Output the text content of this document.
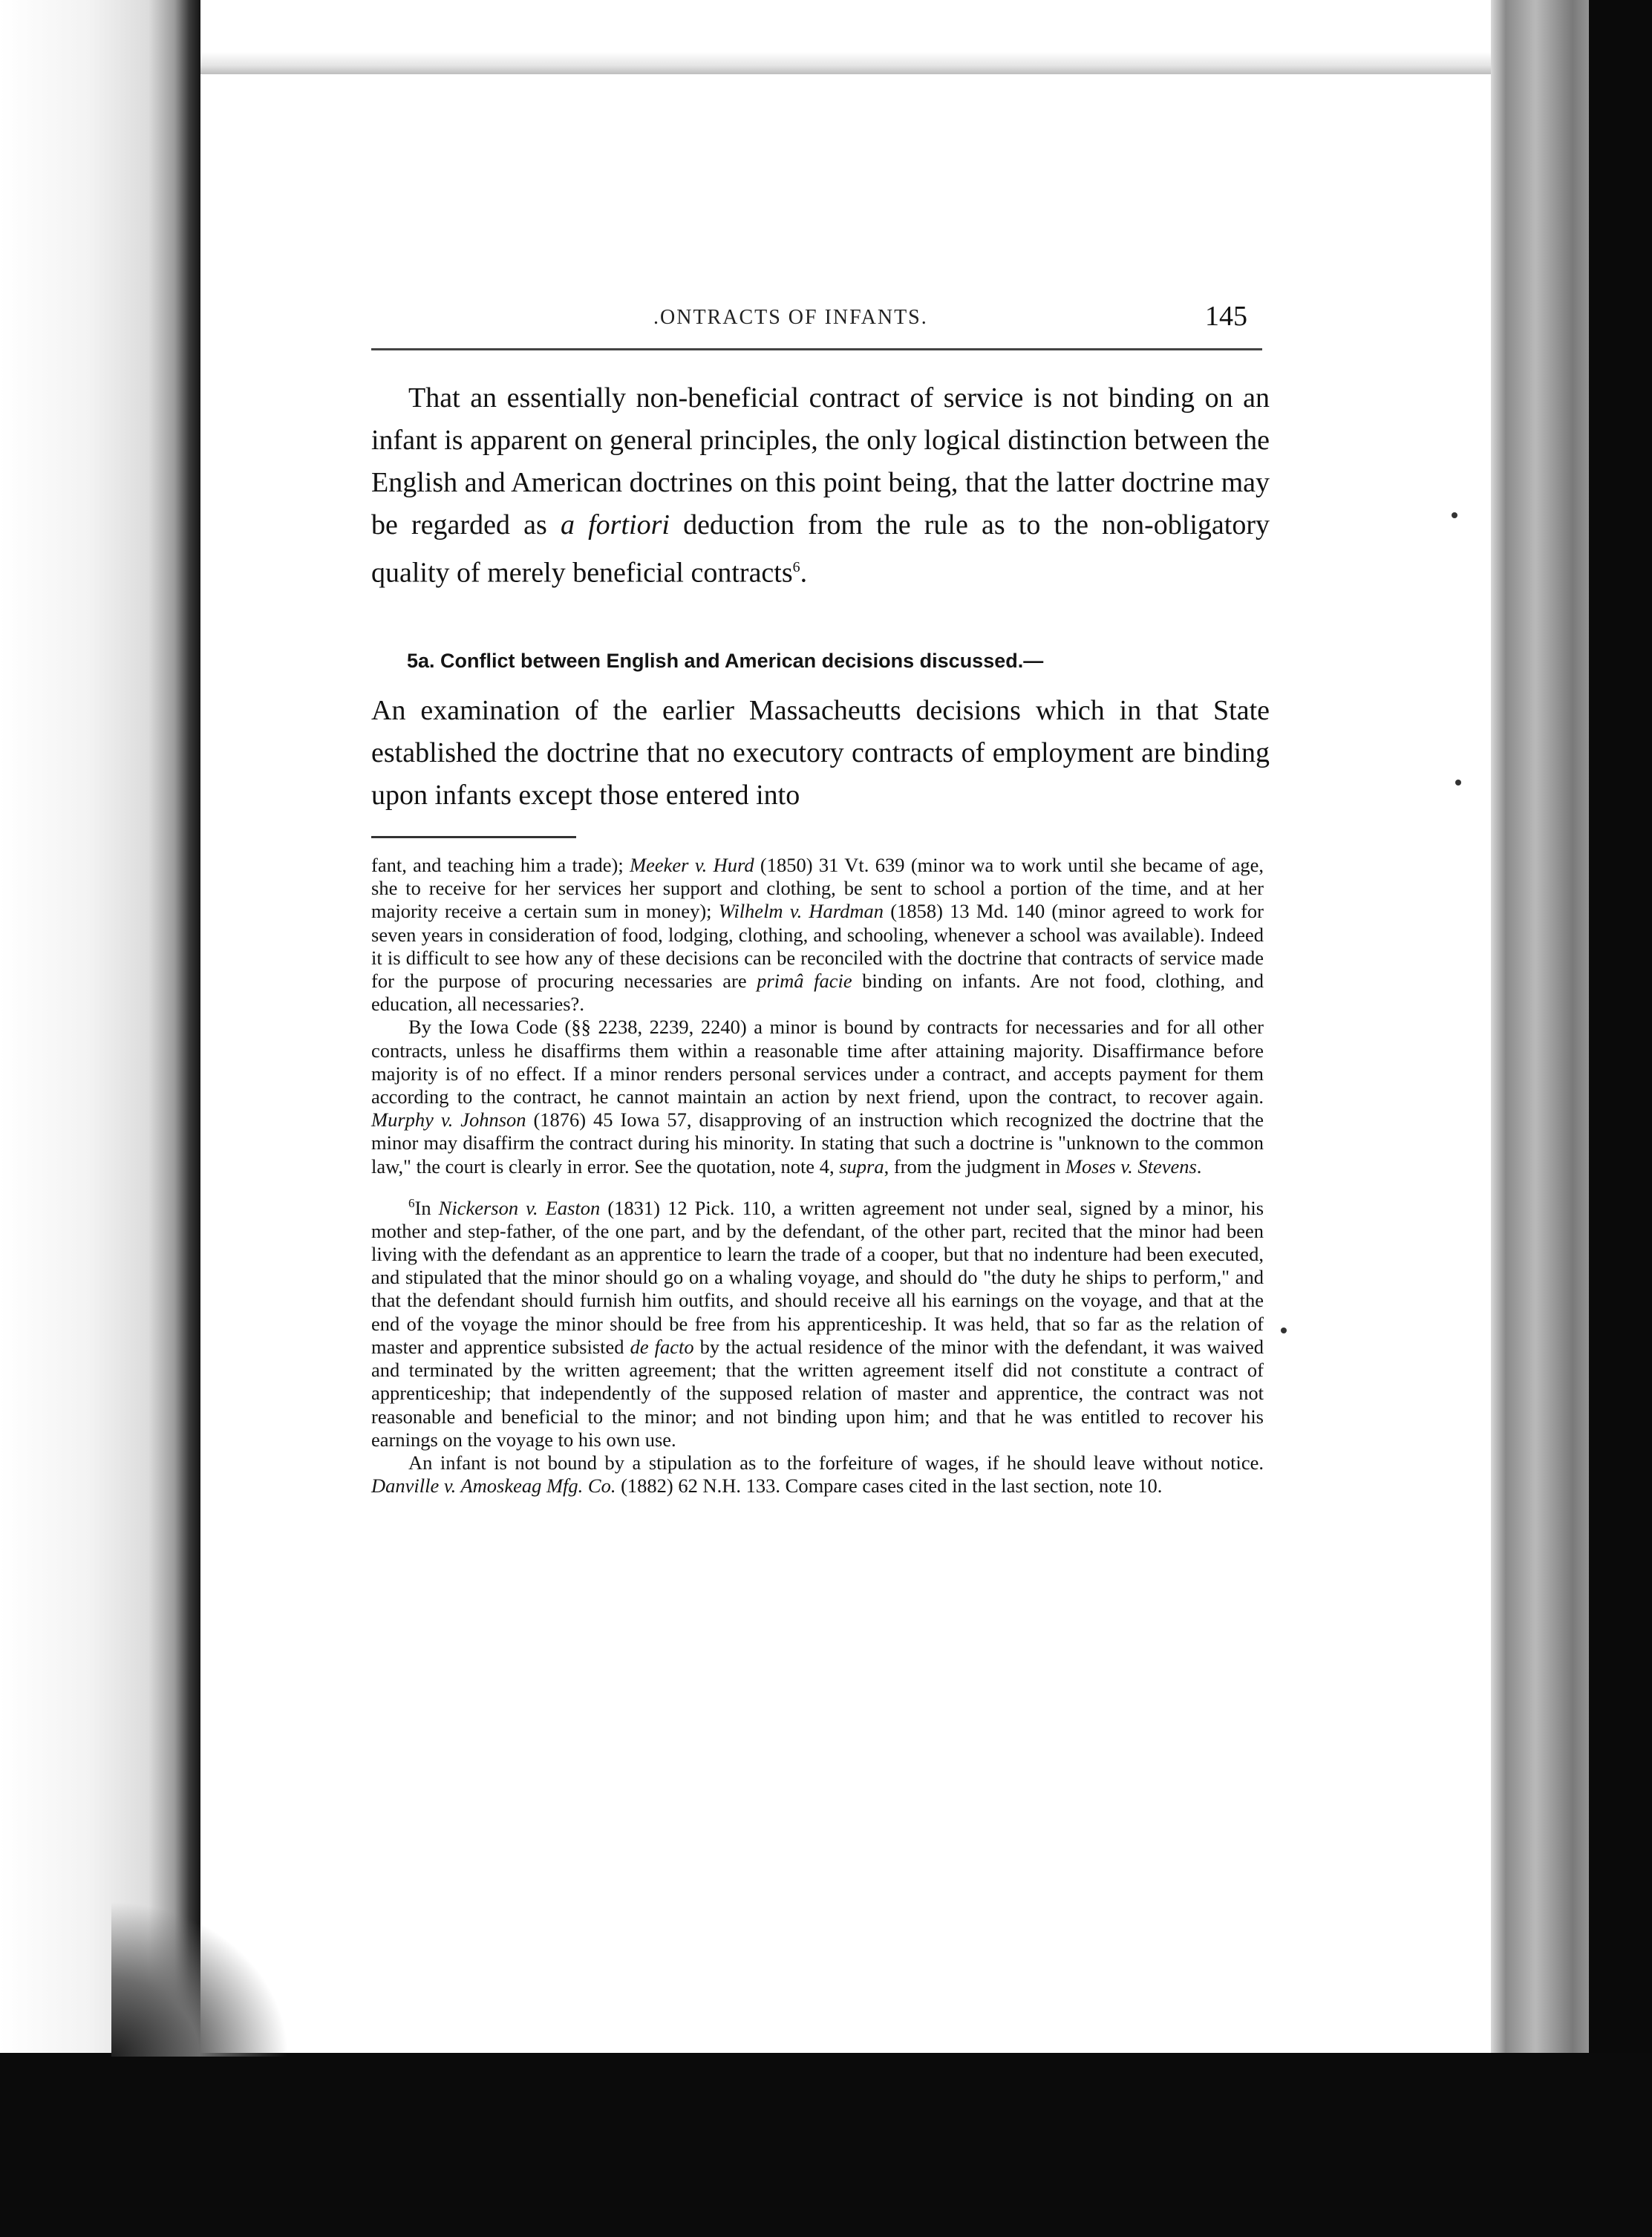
.ONTRACTS OF INFANTS.	145

That an essentially non-beneficial contract of service is not binding on an infant is apparent on general principles, the only logical distinction between the English and American doctrines on this point being, that the latter doctrine may be regarded as a fortiori deduction from the rule as to the non-obligatory quality of merely beneficial contracts$^6$.

5a. Conflict between English and American decisions discussed.—

An examination of the earlier Massacheutts decisions which in that State established the doctrine that no executory contracts of employment are binding upon infants except those entered into

fant, and teaching him a trade); Meeker v. Hurd (1850) 31 Vt. 639 (minor wa to work until she became of age, she to receive for her services her support and clothing, be sent to school a portion of the time, and at her majority receive a certain sum in money); Wilhelm v. Hardman (1858) 13 Md. 140 (minor agreed to work for seven years in consideration of food, lodging, clothing, and schooling, whenever a school was available). Indeed it is difficult to see how any of these decisions can be reconciled with the doctrine that contracts of service made for the purpose of procuring necessaries are primâ facie binding on infants. Are not food, clothing, and education, all necessaries?.

By the Iowa Code (§§ 2238, 2239, 2240) a minor is bound by contracts for necessaries and for all other contracts, unless he disaffirms them within a reasonable time after attaining majority. Disaffirmance before majority is of no effect. If a minor renders personal services under a contract, and accepts payment for them according to the contract, he cannot maintain an action by next friend, upon the contract, to recover again. Murphy v. Johnson (1876) 45 Iowa 57, disapproving of an instruction which recognized the doctrine that the minor may disaffirm the contract during his minority. In stating that such a doctrine is "unknown to the common law," the court is clearly in error. See the quotation, note 4, supra, from the judgment in Moses v. Stevens.

$^6$In Nickerson v. Easton (1831) 12 Pick. 110, a written agreement not under seal, signed by a minor, his mother and step-father, of the one part, and by the defendant, of the other part, recited that the minor had been living with the defendant as an apprentice to learn the trade of a cooper, but that no indenture had been executed, and stipulated that the minor should go on a whaling voyage, and should do "the duty he ships to perform," and that the defendant should furnish him outfits, and should receive all his earnings on the voyage, and that at the end of the voyage the minor should be free from his apprenticeship. It was held, that so far as the relation of master and apprentice subsisted de facto by the actual residence of the minor with the defendant, it was waived and terminated by the written agreement; that the written agreement itself did not constitute a contract of apprenticeship; that independently of the supposed relation of master and apprentice, the contract was not reasonable and beneficial to the minor; and not binding upon him; and that he was entitled to recover his earnings on the voyage to his own use.

An infant is not bound by a stipulation as to the forfeiture of wages, if he should leave without notice. Danville v. Amoskeag Mfg. Co. (1882) 62 N.H. 133. Compare cases cited in the last section, note 10.
